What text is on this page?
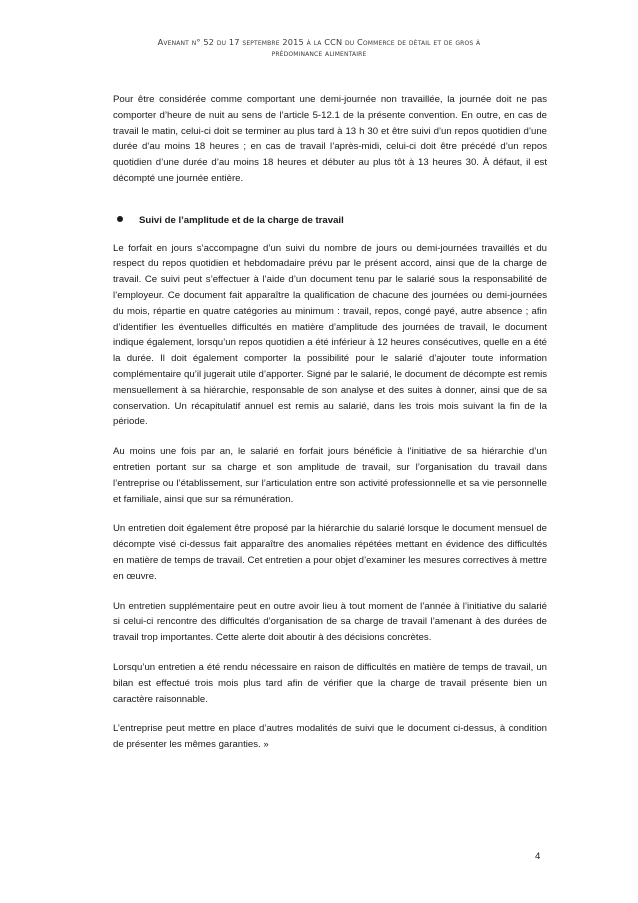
Avenant n° 52 du 17 septembre 2015 à la CCN du Commerce de détail et de gros à
prédominance alimentaire

Pour être considérée comme comportant une demi-journée non travaillée, la journée doit ne pas comporter d’heure de nuit au sens de l’article 5-12.1 de la présente convention. En outre, en cas de travail le matin, celui-ci doit se terminer au plus tard à 13 h 30 et être suivi d’un repos quotidien d’une durée d’au moins 18 heures ; en cas de travail l’après-midi, celui-ci doit être précédé d’un repos quotidien d’une durée d’au moins 18 heures et débuter au plus tôt à 13 heures 30. À défaut, il est décompté une journée entière.

Suivi de l’amplitude et de la charge de travail

Le forfait en jours s’accompagne d’un suivi du nombre de jours ou demi-journées travaillés et du respect du repos quotidien et hebdomadaire prévu par le présent accord, ainsi que de la charge de travail. Ce suivi peut s’effectuer à l’aide d’un document tenu par le salarié sous la responsabilité de l’employeur. Ce document fait apparaître la qualification de chacune des journées ou demi-journées du mois, répartie en quatre catégories au minimum : travail, repos, congé payé, autre absence ; afin d’identifier les éventuelles difficultés en matière d’amplitude des journées de travail, le document indique également, lorsqu’un repos quotidien a été inférieur à 12 heures consécutives, quelle en a été la durée. Il doit également comporter la possibilité pour le salarié d’ajouter toute information complémentaire qu’il jugerait utile d’apporter. Signé par le salarié, le document de décompte est remis mensuellement à sa hiérarchie, responsable de son analyse et des suites à donner, ainsi que de sa conservation. Un récapitulatif annuel est remis au salarié, dans les trois mois suivant la fin de la période.

Au moins une fois par an, le salarié en forfait jours bénéficie à l’initiative de sa hiérarchie d’un entretien portant sur sa charge et son amplitude de travail, sur l’organisation du travail dans l’entreprise ou l’établissement, sur l’articulation entre son activité professionnelle et sa vie personnelle et familiale, ainsi que sur sa rémunération.

Un entretien doit également être proposé par la hiérarchie du salarié lorsque le document mensuel de décompte visé ci-dessus fait apparaître des anomalies répétées mettant en évidence des difficultés en matière de temps de travail. Cet entretien a pour objet d’examiner les mesures correctives à mettre en œuvre.

Un entretien supplémentaire peut en outre avoir lieu à tout moment de l’année à l’initiative du salarié si celui-ci rencontre des difficultés d’organisation de sa charge de travail l’amenant à des durées de travail trop importantes. Cette alerte doit aboutir à des décisions concrètes.

Lorsqu’un entretien a été rendu nécessaire en raison de difficultés en matière de temps de travail, un bilan est effectué trois mois plus tard afin de vérifier que la charge de travail présente bien un caractère raisonnable.

L’entreprise peut mettre en place d’autres modalités de suivi que le document ci-dessus, à condition de présenter les mêmes garanties. »

4
